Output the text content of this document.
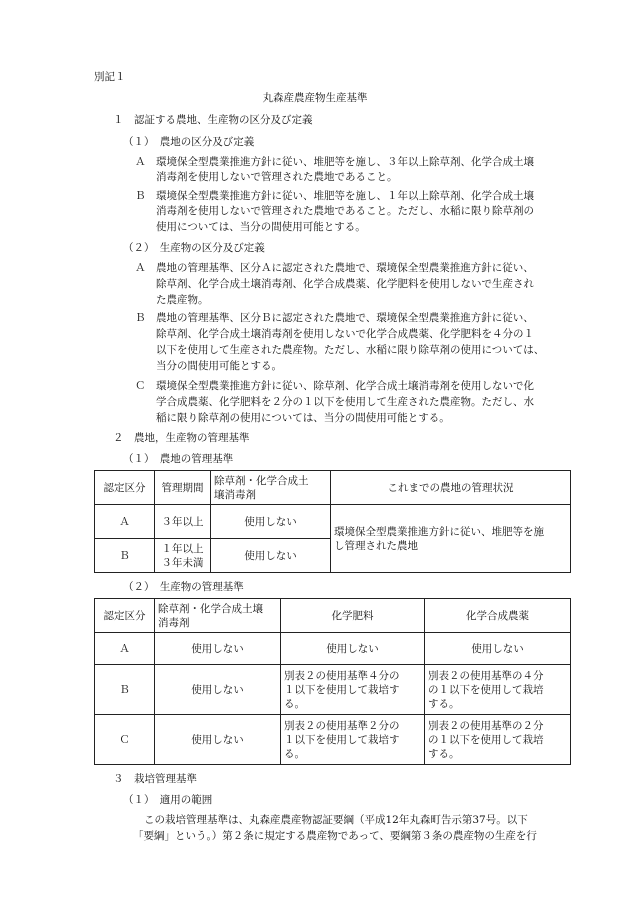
別記１
丸森産農産物生産基準
１　認証する農地、生産物の区分及び定義
（１）　農地の区分及び定義
Ａ 環境保全型農業推進方針に従い、堆肥等を施し、３年以上除草剤、化学合成土壌
消毒剤を使用しないで管理された農地であること。
Ｂ 環境保全型農業推進方針に従い、堆肥等を施し、１年以上除草剤、化学合成土壌
消毒剤を使用しないで管理された農地であること。ただし、水稲に限り除草剤の
使用については、当分の間使用可能とする。
（２）　生産物の区分及び定義
Ａ 農地の管理基準、区分Ａに認定された農地で、環境保全型農業推進方針に従い、
除草剤、化学合成土壌消毒剤、化学合成農薬、化学肥料を使用しないで生産され
た農産物。
Ｂ 農地の管理基準、区分Ｂに認定された農地で、環境保全型農業推進方針に従い、
除草剤、化学合成土壌消毒剤を使用しないで化学合成農薬、化学肥料を４分の１
以下を使用して生産された農産物。ただし、水稲に限り除草剤の使用については、
当分の間使用可能とする。
Ｃ 環境保全型農業推進方針に従い、除草剤、化学合成土壌消毒剤を使用しないで化
学合成農薬、化学肥料を２分の１以下を使用して生産された農産物。ただし、水
稲に限り除草剤の使用については、当分の間使用可能とする。
２　農地，生産物の管理基準
（１）　農地の管理基準
認定区分	管理期間	除草剤・化学合成土
壌消毒剤	これまでの農地の管理状況
Ａ	３年以上	使用しない	環境保全型農業推進方針に従い、堆肥等を施
し管理された農地
Ｂ	１年以上
３年未満	使用しない	
（２）　生産物の管理基準
認定区分	除草剤・化学合成土壌
消毒剤	化学肥料	化学合成農薬
Ａ	使用しない	使用しない	使用しない
Ｂ	使用しない	別表２の使用基準４分の
１以下を使用して栽培す
る。	別表２の使用基準の４分
の１以下を使用して栽培
する。
Ｃ	使用しない	別表２の使用基準２分の
１以下を使用して栽培す
る。	別表２の使用基準の２分
の１以下を使用して栽培
する。
３　栽培管理基準
（１）　適用の範囲
この栽培管理基準は、丸森産農産物認証要綱（平成12年丸森町告示第37号。以下
「要綱」という。）第２条に規定する農産物であって、要綱第３条の農産物の生産を行
